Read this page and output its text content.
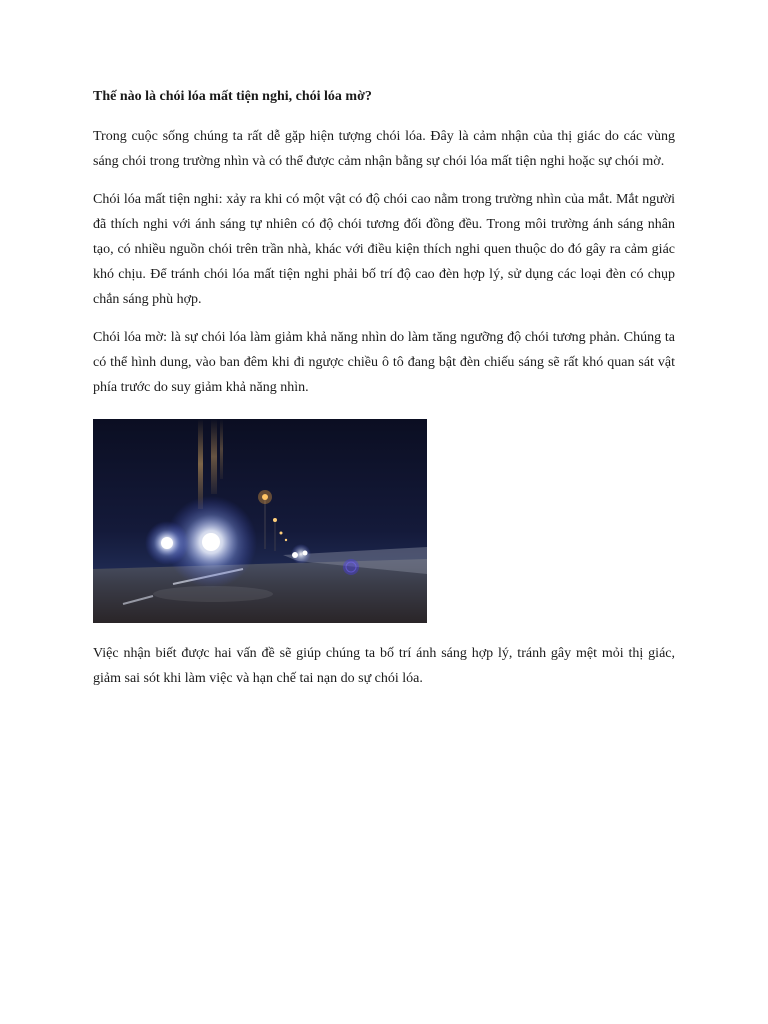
Thế nào là chói lóa mất tiện nghi, chói lóa mờ?

Trong cuộc sống chúng ta rất dễ gặp hiện tượng chói lóa. Đây là cảm nhận của thị giác do các vùng sáng chói trong trường nhìn và có thể được cảm nhận bằng sự chói lóa mất tiện nghi hoặc sự chói mờ.

Chói lóa mất tiện nghi: xảy ra khi có một vật có độ chói cao nằm trong trường nhìn của mắt. Mắt người đã thích nghi với ánh sáng tự nhiên có độ chói tương đối đồng đều. Trong môi trường ánh sáng nhân tạo, có nhiều nguồn chói trên trần nhà, khác với điều kiện thích nghi quen thuộc do đó gây ra cảm giác khó chịu. Để tránh chói lóa mất tiện nghi phải bố trí độ cao đèn hợp lý, sử dụng các loại đèn có chụp chắn sáng phù hợp.

Chói lóa mờ: là sự chói lóa làm giảm khả năng nhìn do làm tăng ngưỡng độ chói tương phản. Chúng ta có thể hình dung, vào ban đêm khi đi ngược chiều ô tô đang bật đèn chiếu sáng sẽ rất khó quan sát vật phía trước do suy giảm khả năng nhìn.

Việc nhận biết được hai vấn đề sẽ giúp chúng ta bố trí ánh sáng hợp lý, tránh gây mệt mỏi thị giác, giảm sai sót khi làm việc và hạn chế tai nạn do sự chói lóa.
